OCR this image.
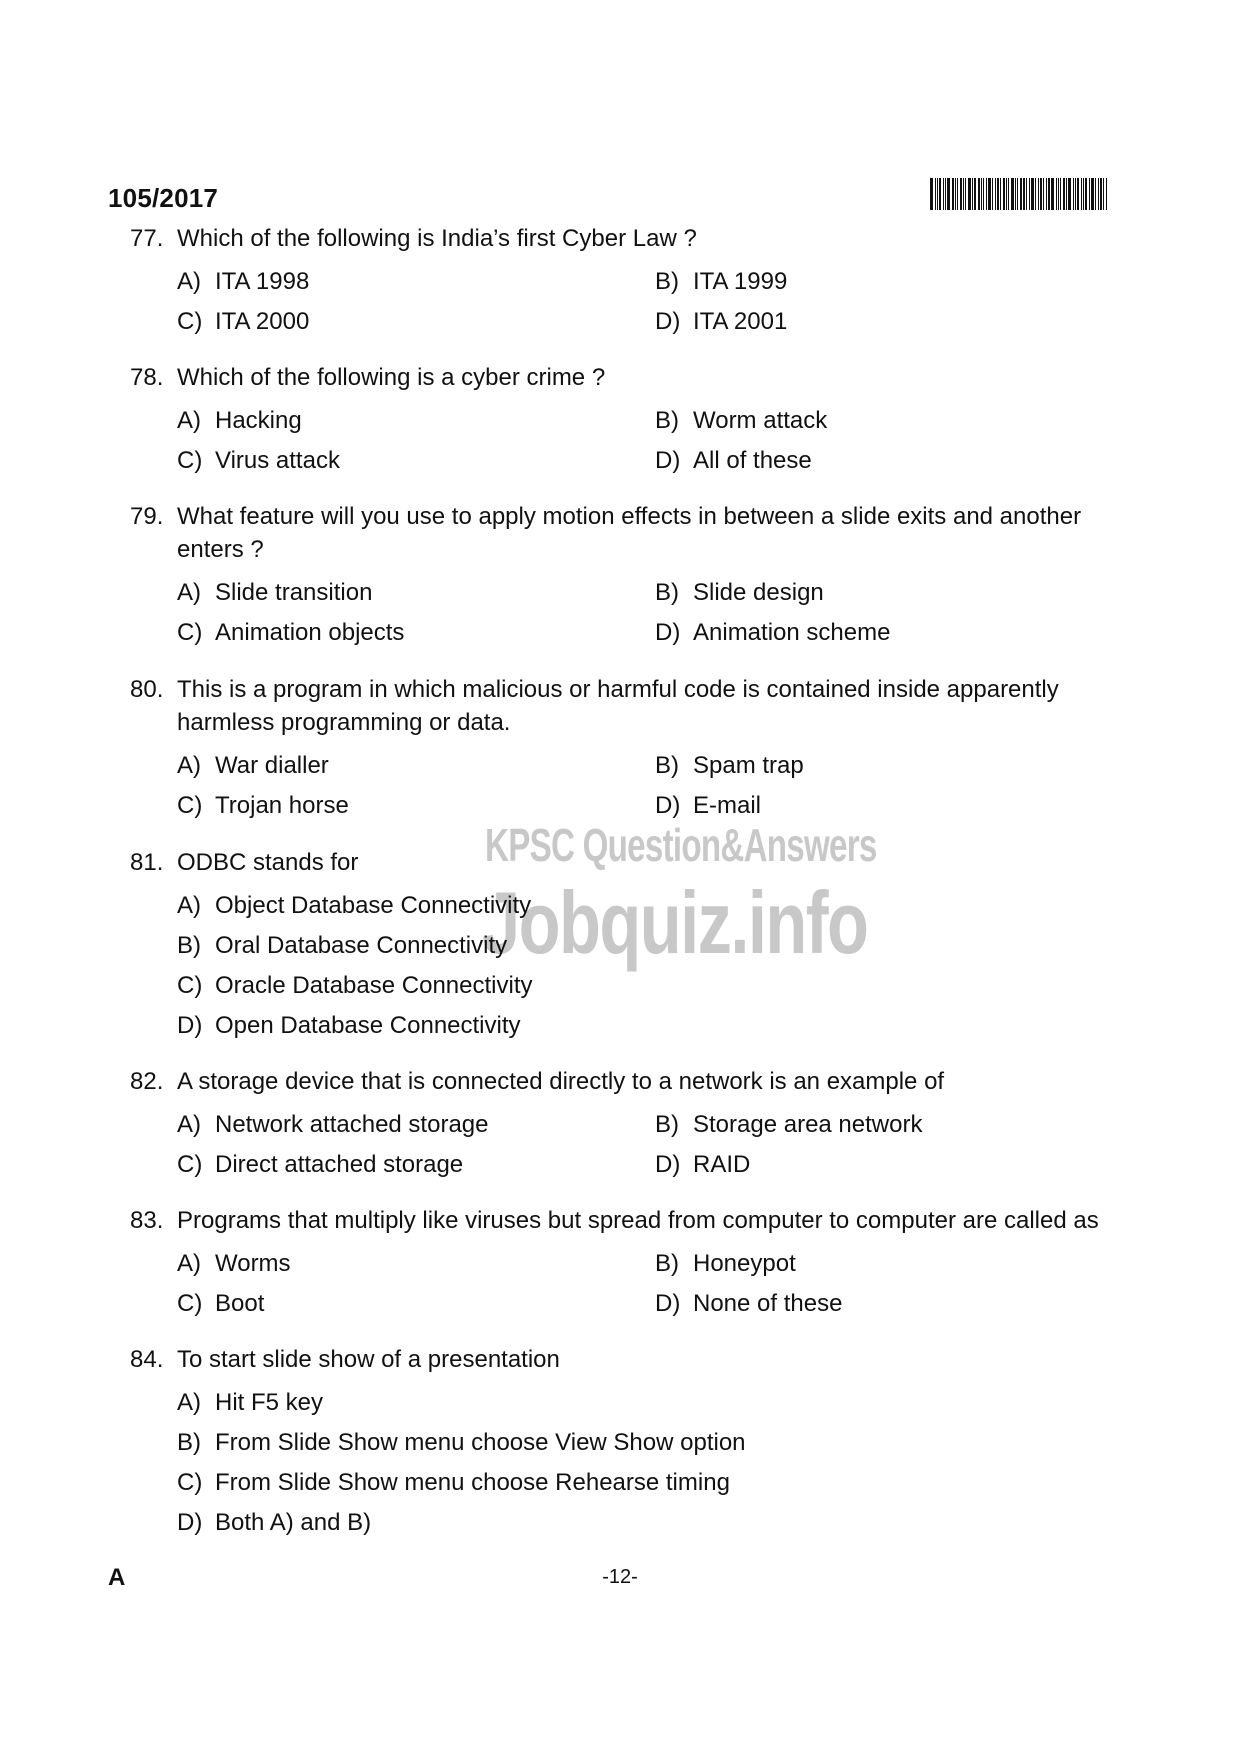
105/2017
KPSC Question&Answers
Jobquiz.info
77. Which of the following is India’s first Cyber Law ?
A) ITA 1998	B) ITA 1999
C) ITA 2000	D) ITA 2001
78. Which of the following is a cyber crime ?
A) Hacking	B) Worm attack
C) Virus attack	D) All of these
79. What feature will you use to apply motion effects in between a slide exits and another
enters ?
A) Slide transition	B) Slide design
C) Animation objects	D) Animation scheme
80. This is a program in which malicious or harmful code is contained inside apparently
harmless programming or data.
A) War dialler	B) Spam trap
C) Trojan horse	D) E-mail
81. ODBC stands for
A) Object Database Connectivity
B) Oral Database Connectivity
C) Oracle Database Connectivity
D) Open Database Connectivity
82. A storage device that is connected directly to a network is an example of
A) Network attached storage	B) Storage area network
C) Direct attached storage	D) RAID
83. Programs that multiply like viruses but spread from computer to computer are called as
A) Worms	B) Honeypot
C) Boot	D) None of these
84. To start slide show of a presentation
A) Hit F5 key
B) From Slide Show menu choose View Show option
C) From Slide Show menu choose Rehearse timing
D) Both A) and B)
A	-12-
